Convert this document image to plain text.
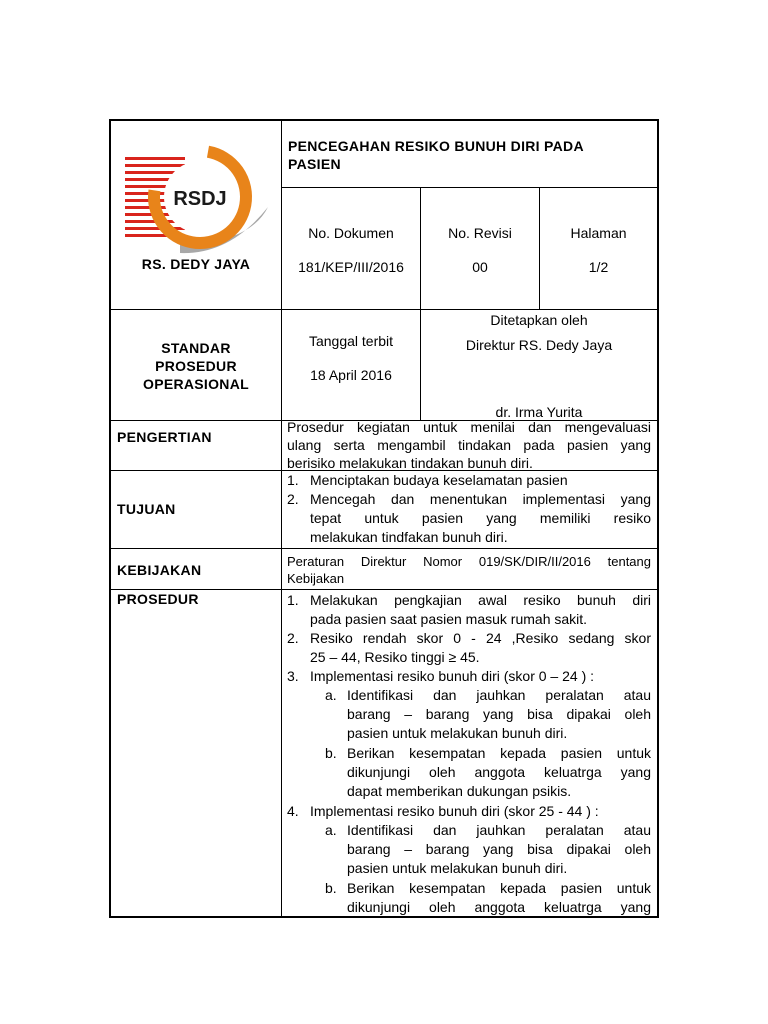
RSDJ
RS. DEDY JAYA
PENCEGAHAN RESIKO BUNUH DIRI PADA
PASIEN
No. Dokumen
181/KEP/III/2016
No. Revisi
00
Halaman
1/2
STANDAR
PROSEDUR
OPERASIONAL
Tanggal terbit
18 April 2016
Ditetapkan oleh
Direktur RS. Dedy Jaya
dr. Irma Yurita
PENGERTIAN
Prosedur kegiatan untuk menilai dan mengevaluasi
ulang serta mengambil tindakan pada pasien yang
berisiko melakukan tindakan bunuh diri.
TUJUAN
1. Menciptakan budaya keselamatan pasien
2. Mencegah dan menentukan implementasi yang
tepat untuk pasien yang memiliki resiko
melakukan tindfakan bunuh diri.
KEBIJAKAN
Peraturan Direktur Nomor 019/SK/DIR/II/2016 tentang
Kebijakan
PROSEDUR	1. Melakukan pengkajian awal resiko bunuh diri
pada pasien saat pasien masuk rumah sakit.
2. Resiko rendah skor 0 - 24 ,Resiko sedang skor
25 – 44, Resiko tinggi ≥ 45.
3. Implementasi resiko bunuh diri (skor 0 – 24 ) :
a. Identifikasi dan jauhkan peralatan atau
barang – barang yang bisa dipakai oleh
pasien untuk melakukan bunuh diri.
b. Berikan kesempatan kepada pasien untuk
dikunjungi oleh anggota keluatrga yang
dapat memberikan dukungan psikis.
4. Implementasi resiko bunuh diri (skor 25 - 44 ) :
a. Identifikasi dan jauhkan peralatan atau
barang – barang yang bisa dipakai oleh
pasien untuk melakukan bunuh diri.
b. Berikan kesempatan kepada pasien untuk
dikunjungi oleh anggota keluatrga yang
